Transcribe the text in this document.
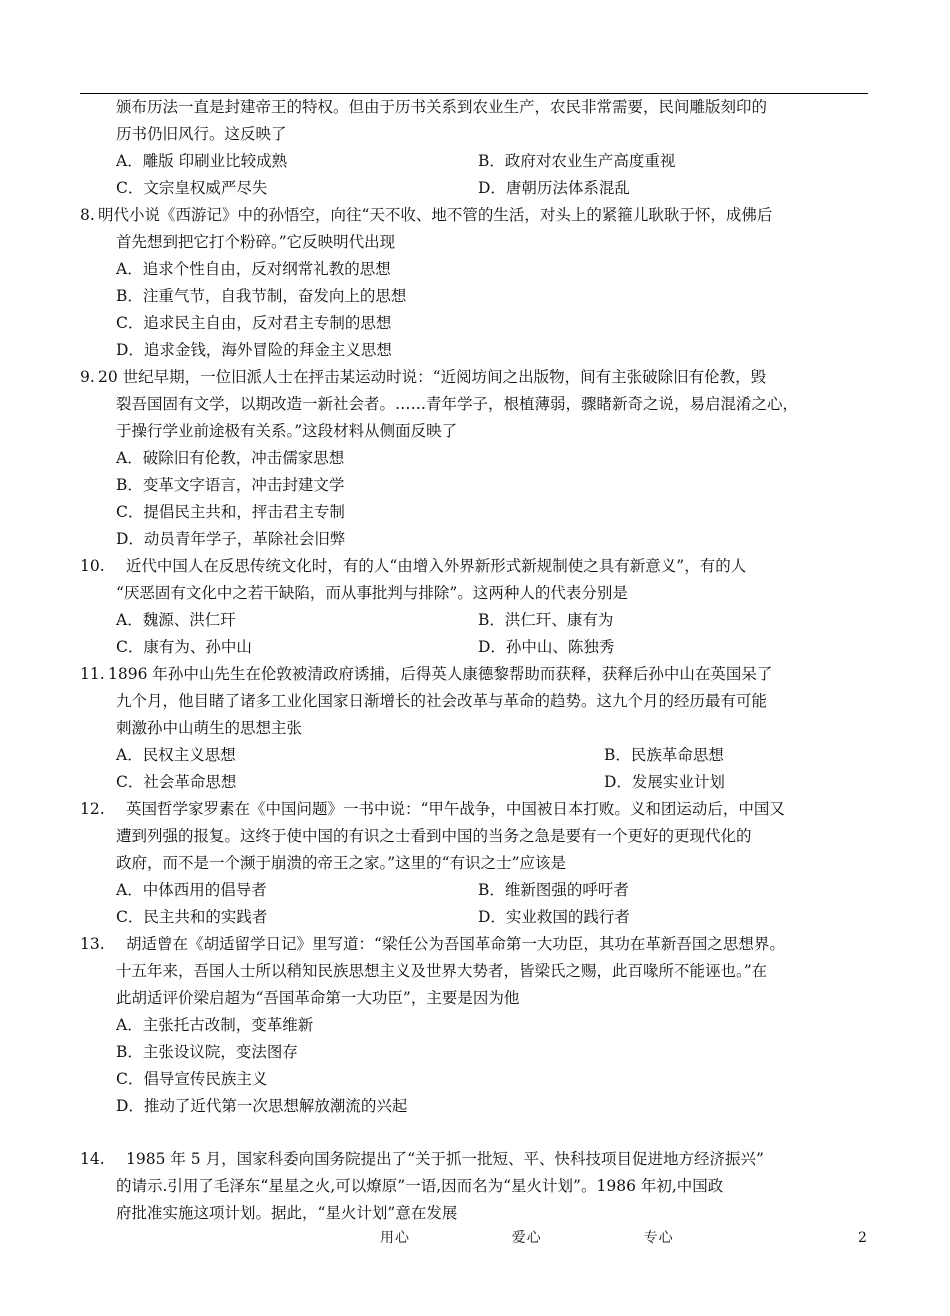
颁布历法一直是封建帝王的特权。但由于历书关系到农业生产，农民非常需要，民间雕版刻印的
历书仍旧风行。这反映了
A．雕版 印刷业比较成熟	B．政府对农业生产高度重视
C．文宗皇权威严尽失	D．唐朝历法体系混乱
8. 明代小说《西游记》中的孙悟空，向往“天不收、地不管的生活，对头上的紧箍儿耿耿于怀，成佛后
首先想到把它打个粉碎。”它反映明代出现
A．追求个性自由，反对纲常礼教的思想
B．注重气节，自我节制，奋发向上的思想
C．追求民主自由，反对君主专制的思想
D．追求金钱，海外冒险的拜金主义思想
9. 20 世纪早期，一位旧派人士在抨击某运动时说：“近阅坊间之出版物，间有主张破除旧有伦教，毁
裂吾国固有文学，以期改造一新社会者。……青年学子，根植薄弱，骤睹新奇之说，易启混淆之心，
于操行学业前途极有关系。”这段材料从侧面反映了
A．破除旧有伦教，冲击儒家思想
B．变革文字语言，冲击封建文学
C．提倡民主共和，抨击君主专制
D．动员青年学子，革除社会旧弊
10. 近代中国人在反思传统文化时，有的人“由增入外界新形式新规制使之具有新意义”，有的人
“厌恶固有文化中之若干缺陷，而从事批判与排除”。这两种人的代表分别是
A．魏源、洪仁玕	B．洪仁玕、康有为
C．康有为、孙中山	D．孙中山、陈独秀
11. 1896 年孙中山先生在伦敦被清政府诱捕，后得英人康德黎帮助而获释，获释后孙中山在英国呆了
九个月，他目睹了诸多工业化国家日渐增长的社会改革与革命的趋势。这九个月的经历最有可能
刺激孙中山萌生的思想主张
A．民权主义思想	B．民族革命思想
C．社会革命思想	D．发展实业计划
12.	英国哲学家罗素在《中国问题》一书中说：“甲午战争，中国被日本打败。义和团运动后，中国又
遭到列强的报复。这终于使中国的有识之士看到中国的当务之急是要有一个更好的更现代化的
政府，而不是一个濒于崩溃的帝王之家。”这里的“有识之士”应该是
A．中体西用的倡导者	B．维新图强的呼吁者
C．民主共和的实践者	D．实业救国的践行者
13.	胡适曾在《胡适留学日记》里写道：“梁任公为吾国革命第一大功臣，其功在革新吾国之思想界。
十五年来，吾国人士所以稍知民族思想主义及世界大势者，皆梁氏之赐，此百喙所不能诬也。”在
此胡适评价梁启超为“吾国革命第一大功臣”，主要是因为他
A．主张托古改制，变革维新
B．主张设议院，变法图存
C．倡导宣传民族主义
D．推动了近代第一次思想解放潮流的兴起
14.	1985 年 5 月，国家科委向国务院提出了“关于抓一批短、平、快科技项目促进地方经济振兴”
的请示.引用了毛泽东“星星之火,可以燎原”一语,因而名为“星火计划”。1986 年初,中国政
府批准实施这项计划。据此，“星火计划”意在发展
用心    爱心    专心	2
